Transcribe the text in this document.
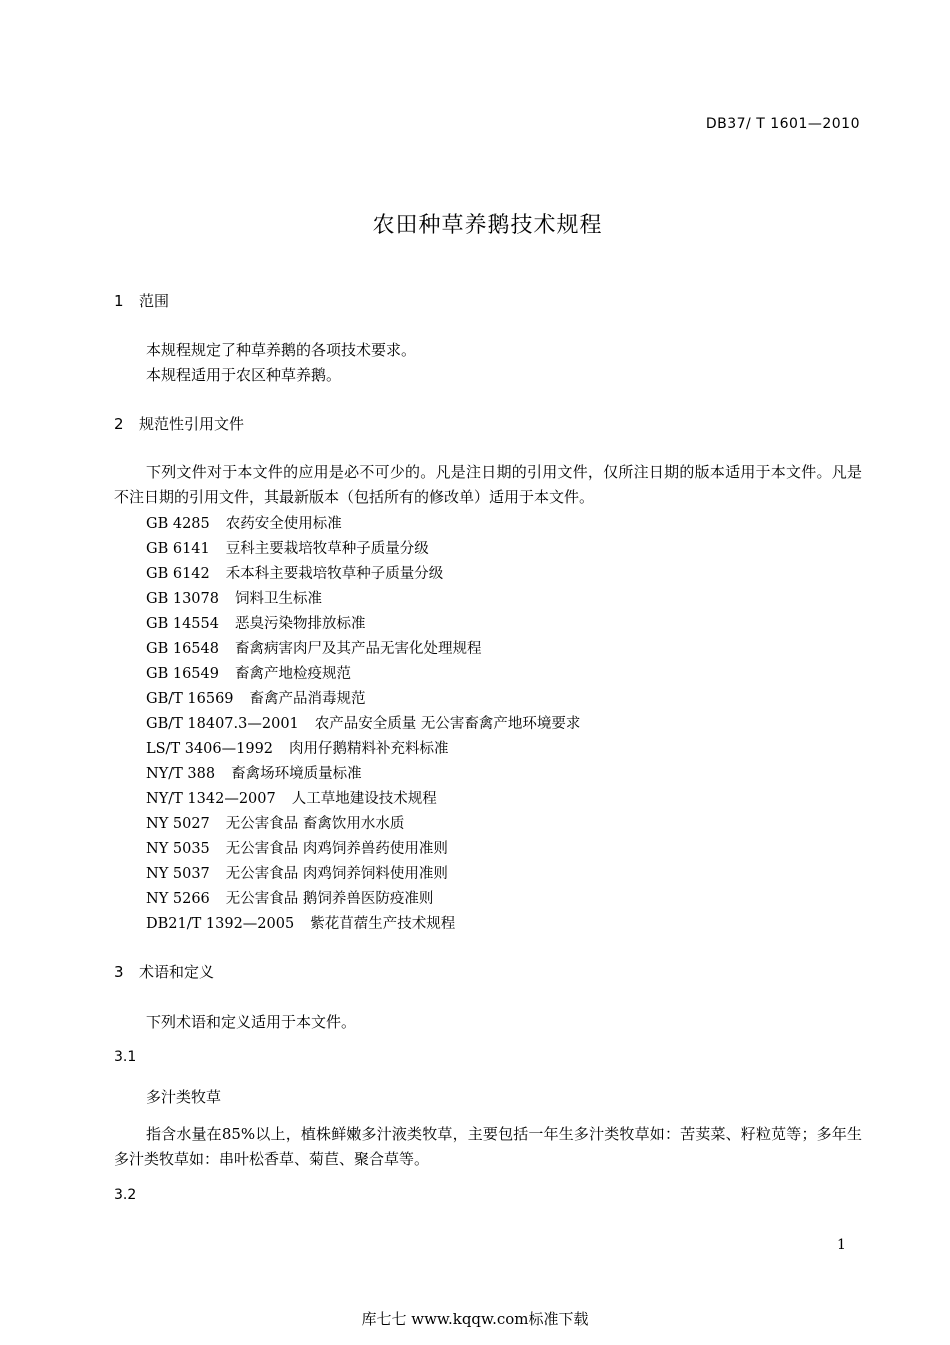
DB37/ T 1601—2010
农田种草养鹅技术规程
1 范围
本规程规定了种草养鹅的各项技术要求。
本规程适用于农区种草养鹅。
2 规范性引用文件
下列文件对于本文件的应用是必不可少的。凡是注日期的引用文件，仅所注日期的版本适用于本文件。凡是不注日期的引用文件，其最新版本（包括所有的修改单）适用于本文件。
GB 4285 农药安全使用标准
GB 6141 豆科主要栽培牧草种子质量分级
GB 6142 禾本科主要栽培牧草种子质量分级
GB 13078 饲料卫生标准
GB 14554 恶臭污染物排放标准
GB 16548 畜禽病害肉尸及其产品无害化处理规程
GB 16549 畜禽产地检疫规范
GB/T 16569 畜禽产品消毒规范
GB/T 18407.3—2001 农产品安全质量 无公害畜禽产地环境要求
LS/T 3406—1992 肉用仔鹅精料补充料标准
NY/T 388 畜禽场环境质量标准
NY/T 1342—2007 人工草地建设技术规程
NY 5027 无公害食品 畜禽饮用水水质
NY 5035 无公害食品 肉鸡饲养兽药使用准则
NY 5037 无公害食品 肉鸡饲养饲料使用准则
NY 5266 无公害食品 鹅饲养兽医防疫准则
DB21/T 1392—2005 紫花苜蓿生产技术规程
3 术语和定义
下列术语和定义适用于本文件。
3.1
多汁类牧草
指含水量在85%以上，植株鲜嫩多汁液类牧草，主要包括一年生多汁类牧草如：苦荬菜、籽粒苋等；多年生多汁类牧草如：串叶松香草、菊苣、聚合草等。
3.2
1
库七七 www.kqqw.com标准下载
